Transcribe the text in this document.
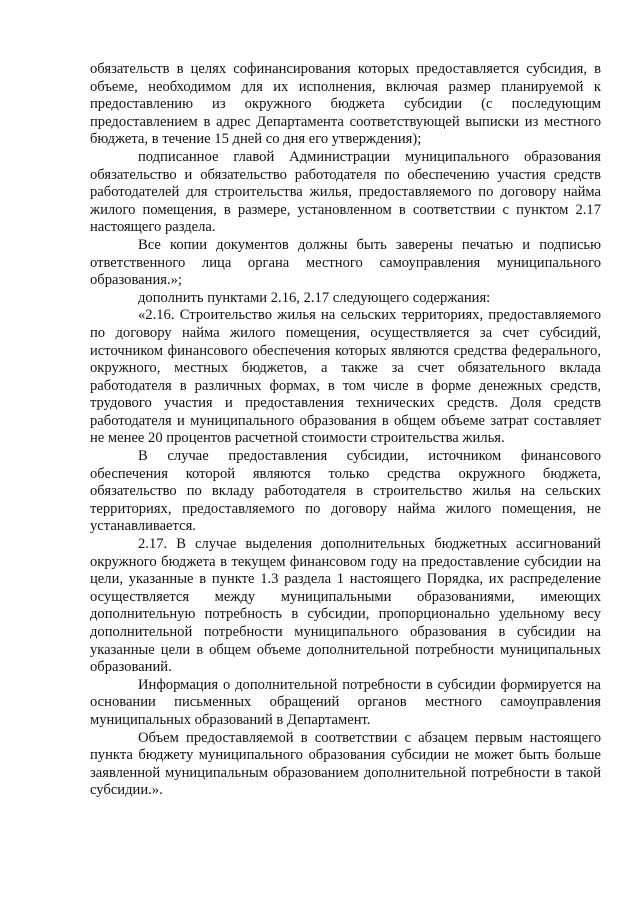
обязательств в целях софинансирования которых предоставляется субсидия, в объеме, необходимом для их исполнения, включая размер планируемой к предоставлению из окружного бюджета субсидии (с последующим предоставлением в адрес Департамента соответствующей выписки из местного бюджета, в течение 15 дней со дня его утверждения);

подписанное главой Администрации муниципального образования обязательство и обязательство работодателя по обеспечению участия средств работодателей для строительства жилья, предоставляемого по договору найма жилого помещения, в размере, установленном в соответствии с пунктом 2.17 настоящего раздела.

Все копии документов должны быть заверены печатью и подписью ответственного лица органа местного самоуправления муниципального образования.»;

дополнить пунктами 2.16, 2.17 следующего содержания:

«2.16. Строительство жилья на сельских территориях, предоставляемого по договору найма жилого помещения, осуществляется за счет субсидий, источником финансового обеспечения которых являются средства федерального, окружного, местных бюджетов, а также за счет обязательного вклада работодателя в различных формах, в том числе в форме денежных средств, трудового участия и предоставления технических средств. Доля средств работодателя и муниципального образования в общем объеме затрат составляет не менее 20 процентов расчетной стоимости строительства жилья.

В случае предоставления субсидии, источником финансового обеспечения которой являются только средства окружного бюджета, обязательство по вкладу работодателя в строительство жилья на сельских территориях, предоставляемого по договору найма жилого помещения, не устанавливается.

2.17. В случае выделения дополнительных бюджетных ассигнований окружного бюджета в текущем финансовом году на предоставление субсидии на цели, указанные в пункте 1.3 раздела 1 настоящего Порядка, их распределение осуществляется между муниципальными образованиями, имеющих дополнительную потребность в субсидии, пропорционально удельному весу дополнительной потребности муниципального образования в субсидии на указанные цели в общем объеме дополнительной потребности муниципальных образований.

Информация о дополнительной потребности в субсидии формируется на основании письменных обращений органов местного самоуправления муниципальных образований в Департамент.

Объем предоставляемой в соответствии с абзацем первым настоящего пункта бюджету муниципального образования субсидии не может быть больше заявленной муниципальным образованием дополнительной потребности в такой субсидии.».
